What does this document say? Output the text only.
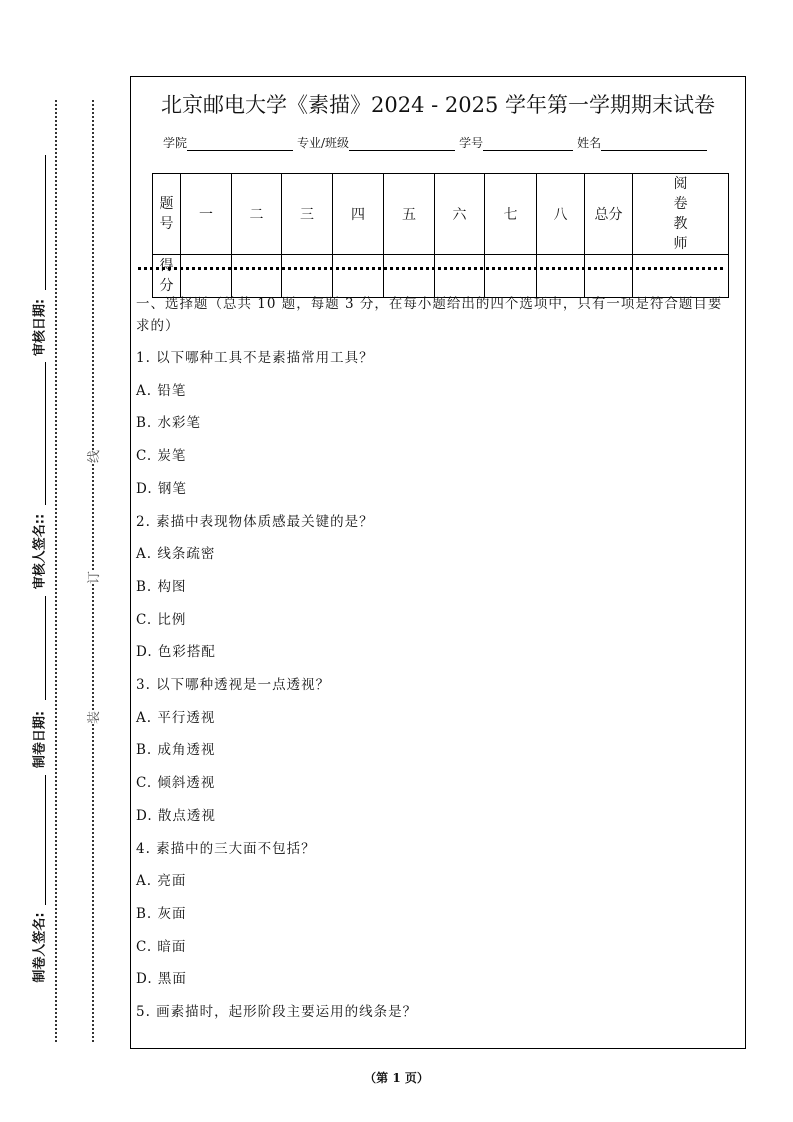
审核日期:
审核人签名::
制卷日期:
制卷人签名:
线
订
装
北京邮电大学《素描》2024 - 2025 学年第一学期期末试卷
学院	专业/班级	学号	姓名
题号	一	二	三	四	五	六	七	八	总分	阅卷教师
得分										
一、选择题（总共 10 题，每题 3 分，在每小题给出的四个选项中，只有一项是符合题目要求的）
1. 以下哪种工具不是素描常用工具？
A. 铅笔
B. 水彩笔
C. 炭笔
D. 钢笔
2. 素描中表现物体质感最关键的是？
A. 线条疏密
B. 构图
C. 比例
D. 色彩搭配
3. 以下哪种透视是一点透视？
A. 平行透视
B. 成角透视
C. 倾斜透视
D. 散点透视
4. 素描中的三大面不包括？
A. 亮面
B. 灰面
C. 暗面
D. 黑面
5. 画素描时，起形阶段主要运用的线条是？
（第 1 页）
